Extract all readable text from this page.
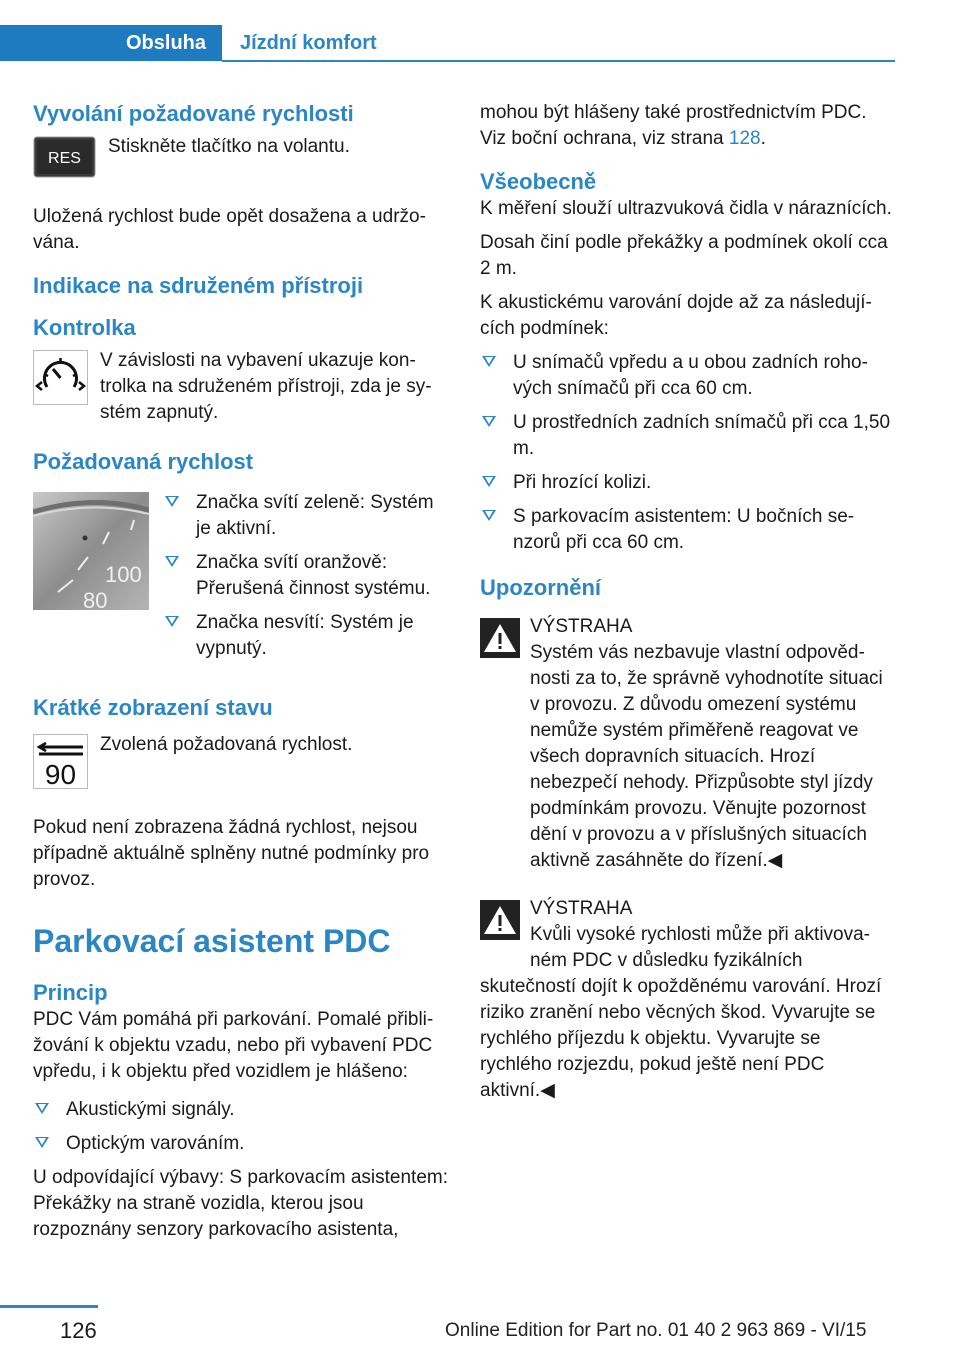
Obsluha	Jízdní komfort
Vyvolání požadované rychlosti
RES
Stiskněte tlačítko na volantu.

Uložená rychlost bude opět dosažena a udržována.

Indikace na sdruženém přístroji
Kontrolka
V závislosti na vybavení ukazuje kontrolka na sdruženém přístroji, zda je systém zapnutý.
Požadovaná rychlost
100
80
Značka svítí zeleně: Systém je aktivní.
Značka svítí oranžově: Přerušená činnost systému.
Značka nesvítí: Systém je vypnutý.
Krátké zobrazení stavu
90
Zvolená požadovaná rychlost.

Pokud není zobrazena žádná rychlost, nejsou případně aktuálně splněny nutné podmínky pro provoz.

Parkovací asistent PDC
Princip

PDC Vám pomáhá při parkování. Pomalé přibližování k objektu vzadu, nebo při vybavení PDC vpředu, i k objektu před vozidlem je hlášeno:

Akustickými signály.
Optickým varováním.

U odpovídající výbavy: S parkovacím asistentem: Překážky na straně vozidla, kterou jsou rozpoznány senzory parkovacího asistenta,

mohou být hlášeny také prostřednictvím PDC. Viz boční ochrana, viz strana 128.

Všeobecně

K měření slouží ultrazvuková čidla v náraznících.

Dosah činí podle překážky a podmínek okolí cca 2 m.

K akustickému varování dojde až za následujících podmínek:

U snímačů vpředu a u obou zadních rohových snímačů při cca 60 cm.
U prostředních zadních snímačů při cca 1,50 m.
Při hrozící kolizi.
S parkovacím asistentem: U bočních senzorů při cca 60 cm.
Upozornění
VÝSTRAHA
Systém vás nezbavuje vlastní odpovědnosti za to, že správně vyhodnotíte situaci v provozu. Z důvodu omezení systému nemůže systém přiměřeně reagovat ve všech dopravních situacích. Hrozí nebezpečí nehody. Přizpůsobte styl jízdy podmínkám provozu. Věnujte pozornost dění v provozu a v příslušných situacích aktivně zasáhněte do řízení.◀
VÝSTRAHA
Kvůli vysoké rychlosti může při aktivovaném PDC v důsledku fyzikálních skutečností dojít k opožděnému varování. Hrozí riziko zranění nebo věcných škod. Vyvarujte se rychlého příjezdu k objektu. Vyvarujte se rychlého rozjezdu, pokud ještě není PDC aktivní.◀
126	Online Edition for Part no. 01 40 2 963 869 - VI/15
